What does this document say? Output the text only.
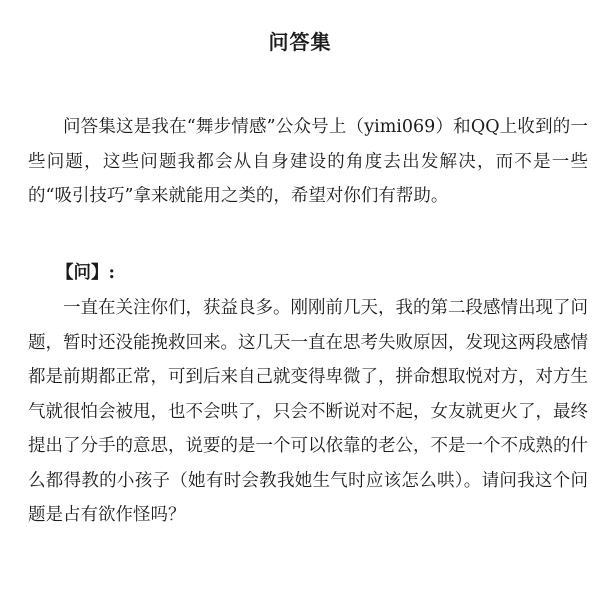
问答集
问答集这是我在“舞步情感”公众号上（yimi069）和QQ上收到的一些问题，这些问题我都会从自身建设的角度去出发解决，而不是一些的“吸引技巧”拿来就能用之类的，希望对你们有帮助。
【问】:
一直在关注你们，获益良多。刚刚前几天，我的第二段感情出现了问题，暂时还没能挽救回来。这几天一直在思考失败原因，发现这两段感情都是前期都正常，可到后来自己就变得卑微了，拼命想取悦对方，对方生气就很怕会被甩，也不会哄了，只会不断说对不起，女友就更火了，最终提出了分手的意思，说要的是一个可以依靠的老公，不是一个不成熟的什么都得教的小孩子（她有时会教我她生气时应该怎么哄）。请问我这个问题是占有欲作怪吗？
